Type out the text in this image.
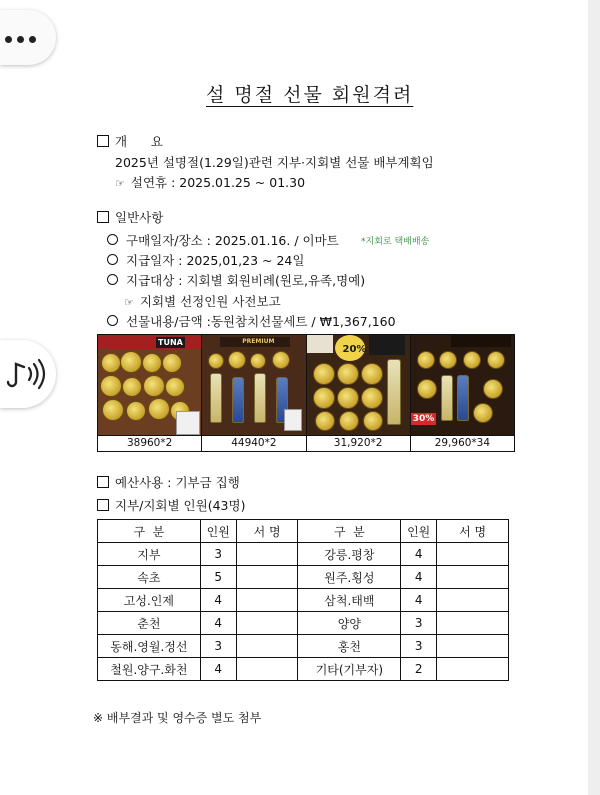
설 명절 선물 회원격려
개      요
2025년 설명절(1.29일)관련 지부·지회별 선물 배부계획임
☞ 설연휴 : 2025.01.25 ~ 01.30
일반사항
구매일자/장소 : 2025.01.16. / 이마트 *지회로 택배배송
지급일자 : 2025,01,23 ~ 24일
지급대상 : 지회별 회원비례(원로,유족,명예)
☞ 지회별 선정인원 사전보고
선물내용/금액 :동원참치선물세트 / ₩1,367,160
TUNA
38960*2
PREMIUM
44940*2
20%
31,920*2
30%
29,960*34
예산사용 : 기부금 집행
지부/지회별 인원(43명)
구  분	인원	서 명	구  분	인원	서 명
지부	3		강릉.평창	4	
속초	5		원주.횡성	4	
고성.인제	4		삼척.태백	4	
춘천	4		양양	3	
동해.영월.정선	3		홍천	3	
철원.양구.화천	4		기타(기부자)	2	
※ 배부결과 및 영수증 별도 첨부
